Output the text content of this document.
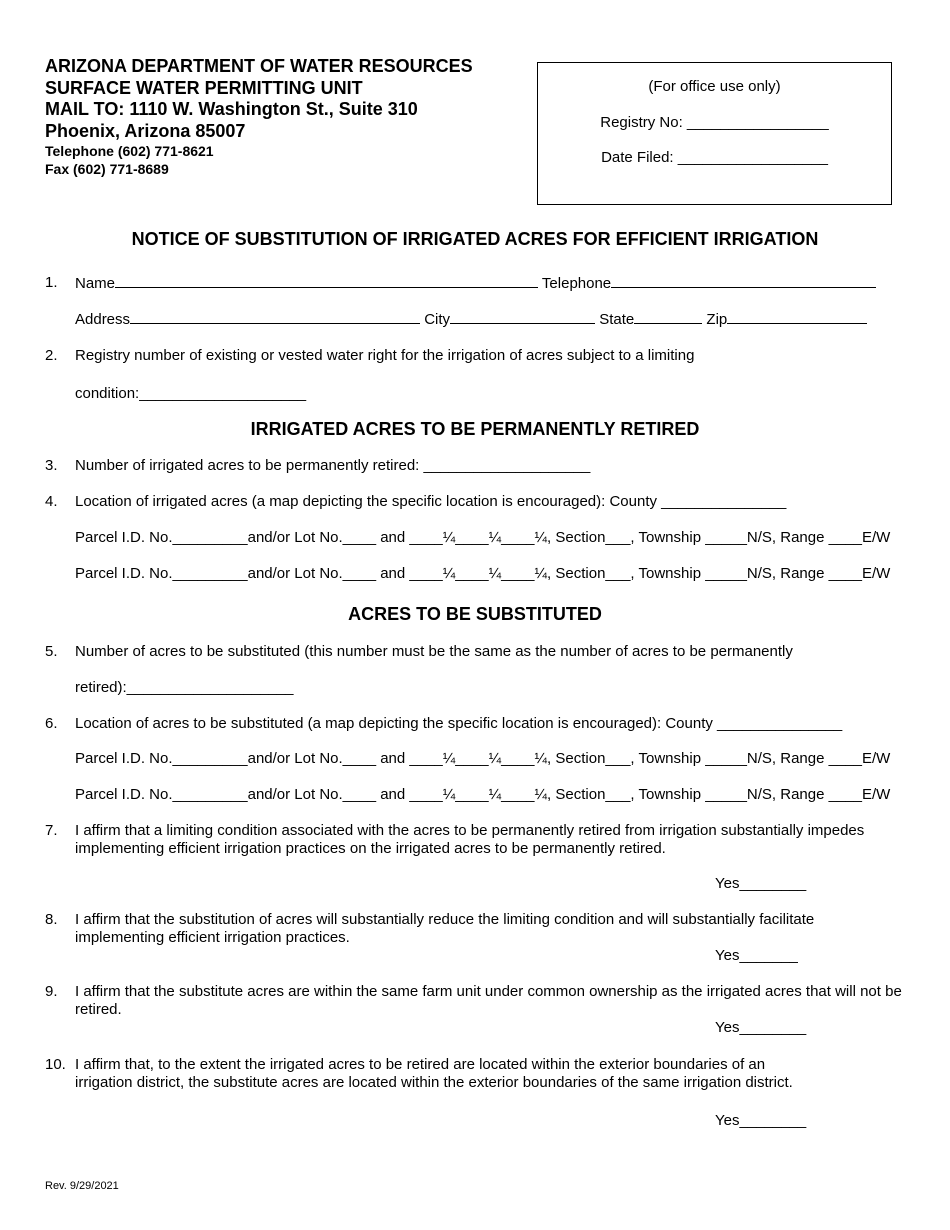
ARIZONA DEPARTMENT OF WATER RESOURCES
SURFACE WATER PERMITTING UNIT
MAIL TO: 1110 W. Washington St., Suite 310
Phoenix, Arizona 85007
Telephone (602) 771-8621
Fax (602) 771-8689
(For office use only)
Registry No: _________________
Date Filed: __________________
NOTICE OF SUBSTITUTION OF IRRIGATED ACRES FOR EFFICIENT IRRIGATION
1. Name	Telephone
Address	City	State	Zip
2. Registry number of existing or vested water right for the irrigation of acres subject to a limiting
condition:____________________
IRRIGATED ACRES TO BE PERMANENTLY RETIRED
3. Number of irrigated acres to be permanently retired: ____________________
4. Location of irrigated acres (a map depicting the specific location is encouraged): County _______________
Parcel I.D. No._________and/or Lot No.____ and ____¼____¼____¼, Section___, Township _____N/S, Range ____E/W
Parcel I.D. No._________and/or Lot No.____ and ____¼____¼____¼, Section___, Township _____N/S, Range ____E/W
ACRES TO BE SUBSTITUTED
5. Number of acres to be substituted (this number must be the same as the number of acres to be permanently
retired):____________________
6. Location of acres to be substituted (a map depicting the specific location is encouraged): County _______________
Parcel I.D. No._________and/or Lot No.____ and ____¼____¼____¼, Section___, Township _____N/S, Range ____E/W
Parcel I.D. No._________and/or Lot No.____ and ____¼____¼____¼, Section___, Township _____N/S, Range ____E/W
7. I affirm that a limiting condition associated with the acres to be permanently retired from irrigation substantially impedes implementing efficient irrigation practices on the irrigated acres to be permanently retired.
Yes________
8. I affirm that the substitution of acres will substantially reduce the limiting condition and will substantially facilitate implementing efficient irrigation practices.
Yes_______
9. I affirm that the substitute acres are within the same farm unit under common ownership as the irrigated acres that will not be retired.
Yes________
10. I affirm that, to the extent the irrigated acres to be retired are located within the exterior boundaries of an
irrigation district, the substitute acres are located within the exterior boundaries of the same irrigation district.
Yes________
Rev. 9/29/2021
